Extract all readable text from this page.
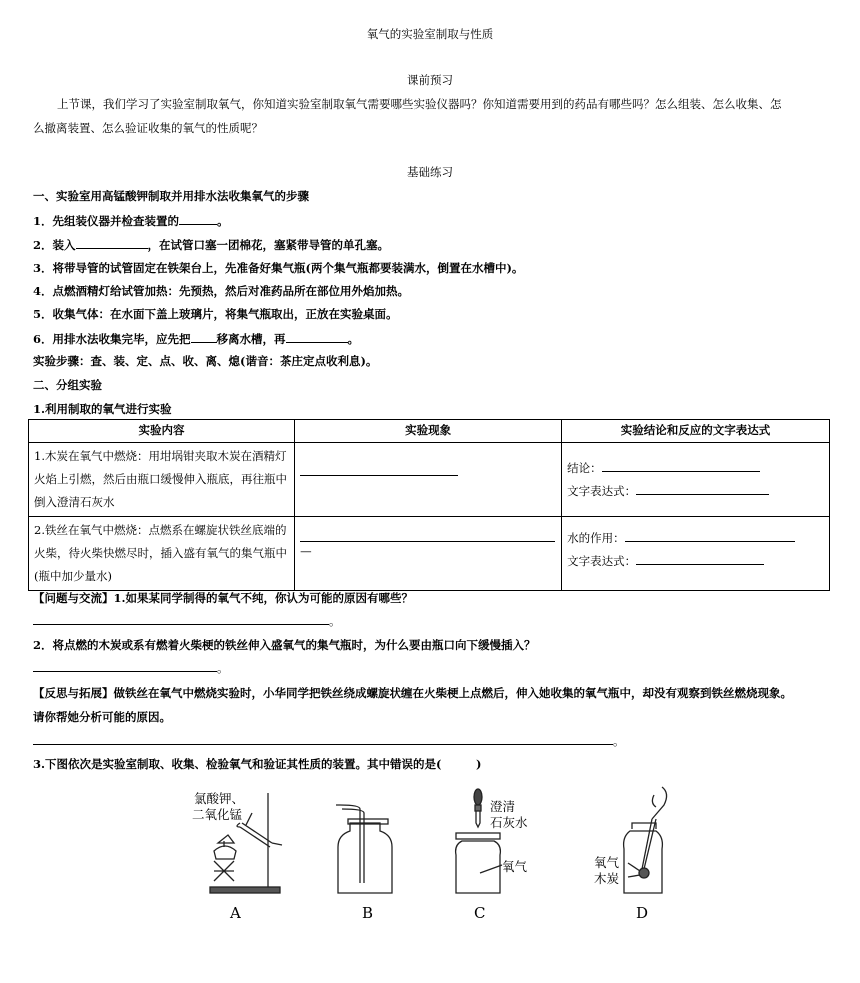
氧气的实验室制取与性质
课前预习
上节课，我们学习了实验室制取氧气，你知道实验室制取氧气需要哪些实验仪器吗？你知道需要用到的药品有哪些吗？怎么组装、怎么收集、怎
么撤离装置、怎么验证收集的氧气的性质呢？
基础练习
一、实验室用高锰酸钾制取并用排水法收集氧气的步骤
1．先组装仪器并检查装置的	。
2．装入	，在试管口塞一团棉花，塞紧带导管的单孔塞。
3．将带导管的试管固定在铁架台上，先准备好集气瓶(两个集气瓶都要装满水，倒置在水槽中)。
4．点燃酒精灯给试管加热：先预热，然后对准药品所在部位用外焰加热。
5．收集气体：在水面下盖上玻璃片，将集气瓶取出，正放在实验桌面。
6．用排水法收集完毕，应先把 移离水槽，再	。
实验步骤：查、装、定、点、收、离、熄(谐音：茶庄定点收利息)。
二、分组实验
1.利用制取的氧气进行实验
实验内容	实验现象	实验结论和反应的文字表达式
1.木炭在氧气中燃烧：用坩埚钳夹取木炭在酒精灯火焰上引燃，然后由瓶口缓慢伸入瓶底，再往瓶中倒入澄清石灰水		结论：
文字表达式：

2.铁丝在氧气中燃烧：点燃系在螺旋状铁丝底端的火柴，待火柴快燃尽时，插入盛有氧气的集气瓶中(瓶中加少量水)	—	水的作用：
文字表达式：
【问题与交流】1.如果某同学制得的氧气不纯，你认为可能的原因有哪些？
。
2．将点燃的木炭或系有燃着火柴梗的铁丝伸入盛氧气的集气瓶时，为什么要由瓶口向下缓慢插入？
。
【反思与拓展】做铁丝在氧气中燃烧实验时，小华同学把铁丝绕成螺旋状缠在火柴梗上点燃后，伸入她收集的氧气瓶中，却没有观察到铁丝燃烧现象。
请你帮她分析可能的原因。
。
3.下图依次是实验室制取、收集、检验氧气和验证其性质的装置。其中错误的是(　　　)
氯酸钾、
二氧化锰
A	B
澄清
石灰水
氧气
C
氧气
木炭
D
